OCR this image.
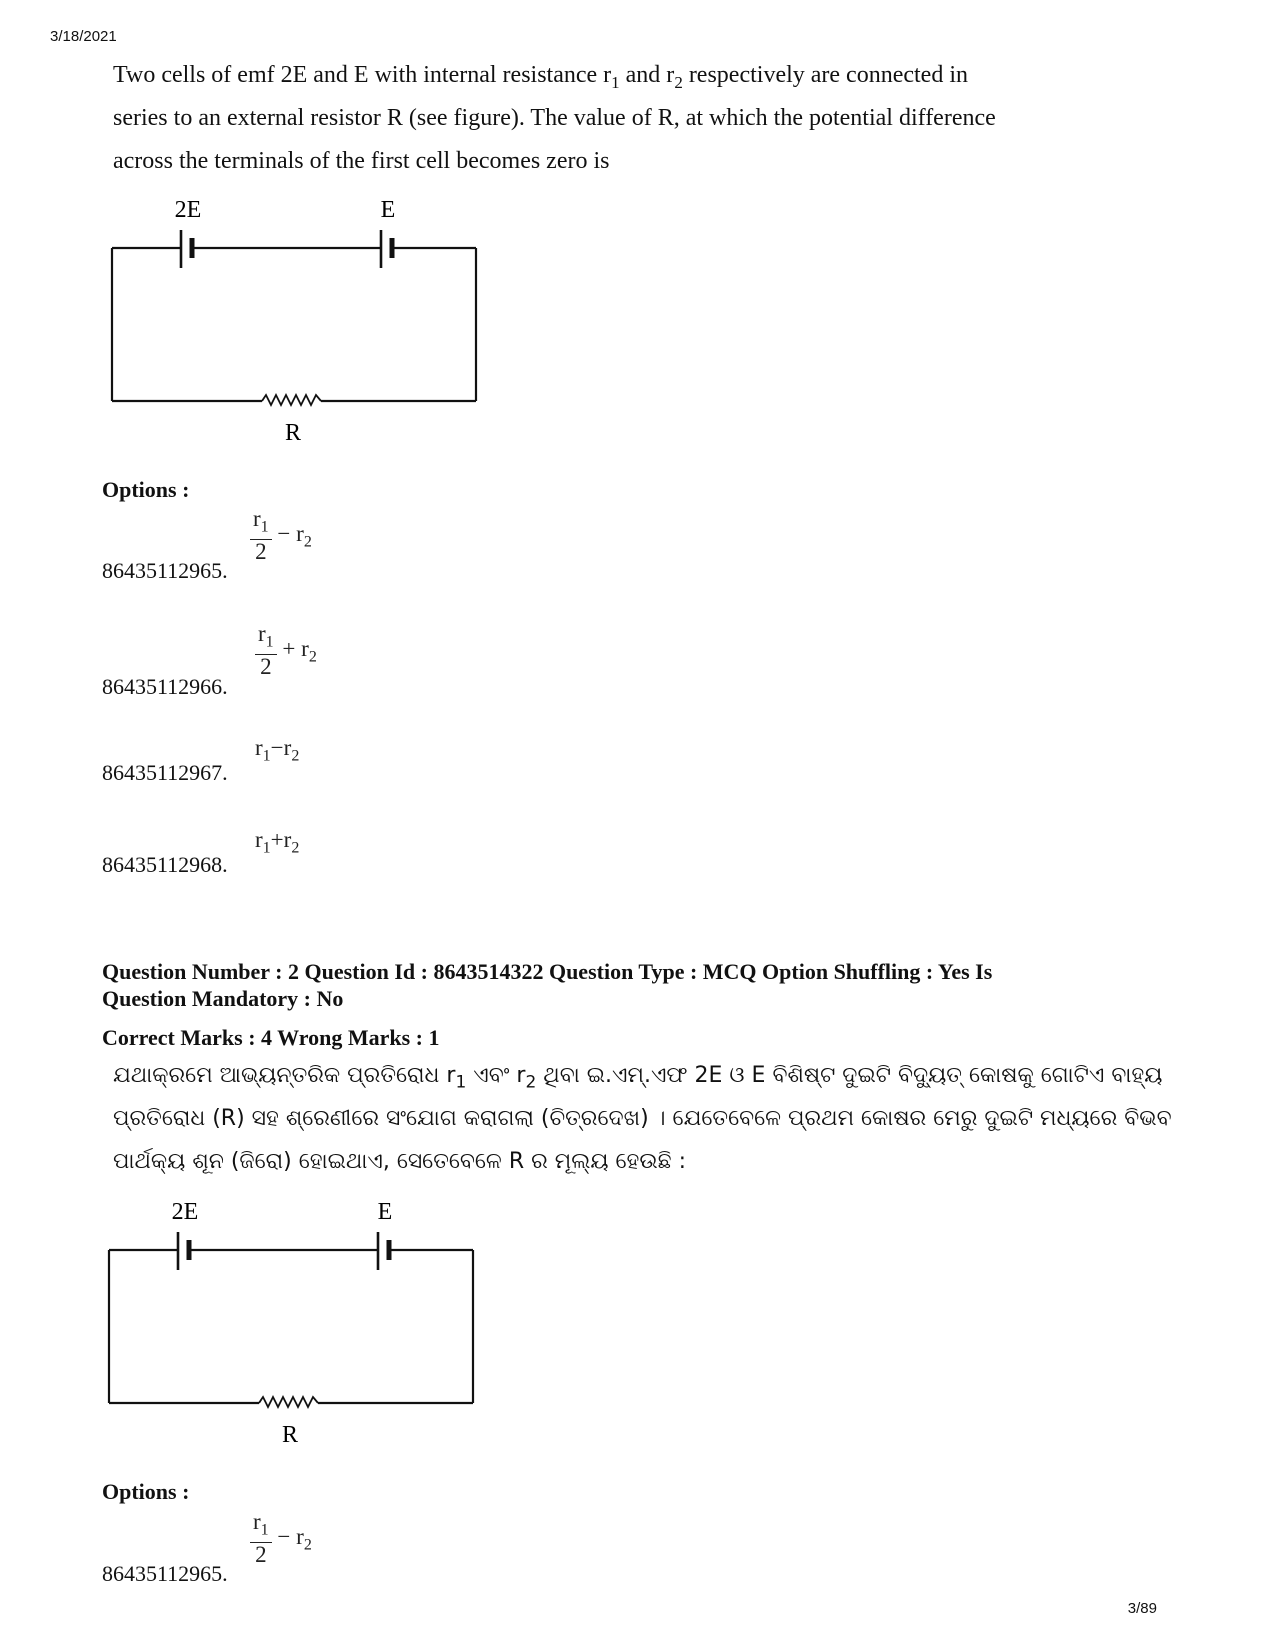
3/18/2021
3/89
Two cells of emf 2E and E with internal resistance $r_1$ and $r_2$ respectively are connected in
series to an external resistor R (see figure). The value of R, at which the potential difference
across the terminals of the first cell becomes zero is
2E	E
R
Options :
86435112965.
$\frac{r_1}{2} - r_2$
86435112966.
$\frac{r_1}{2} + r_2$
86435112967.
$r_1-r_2$
86435112968.
$r_1+r_2$
Question Number : 2 Question Id : 8643514322 Question Type : MCQ Option Shuffling : Yes Is
Question Mandatory : No
Correct Marks : 4 Wrong Marks : 1
ଯଥାକ୍ରମେ ଆଭ୍ୟନ୍ତରିକ ପ୍ରତିରୋଧ $r_1$ ଏବଂ $r_2$ ଥିବା ଇ.ଏମ୍.ଏଫ 2E ଓ E ବିଶିଷ୍ଟ ଦୁଇଟି ବିଦ୍ୟୁତ୍ କୋଷକୁ ଗୋଟିଏ ବାହ୍ୟ
ପ୍ରତିରୋଧ (R) ସହ ଶ୍ରେଣୀରେ ସଂଯୋଗ କରାଗଲା (ଚିତ୍ରଦେଖ) । ଯେତେବେଳେ ପ୍ରଥମ କୋଷର ମେରୁ ଦୁଇଟି ମଧ୍ୟରେ ବିଭବ
ପାର୍ଥକ୍ୟ ଶୂନ (ଜିରୋ) ହୋଇଥାଏ, ସେତେବେଳେ R ର ମୂଲ୍ୟ ହେଉଛି :
2E	E
R
Options :
86435112965.
$\frac{r_1}{2} - r_2$
